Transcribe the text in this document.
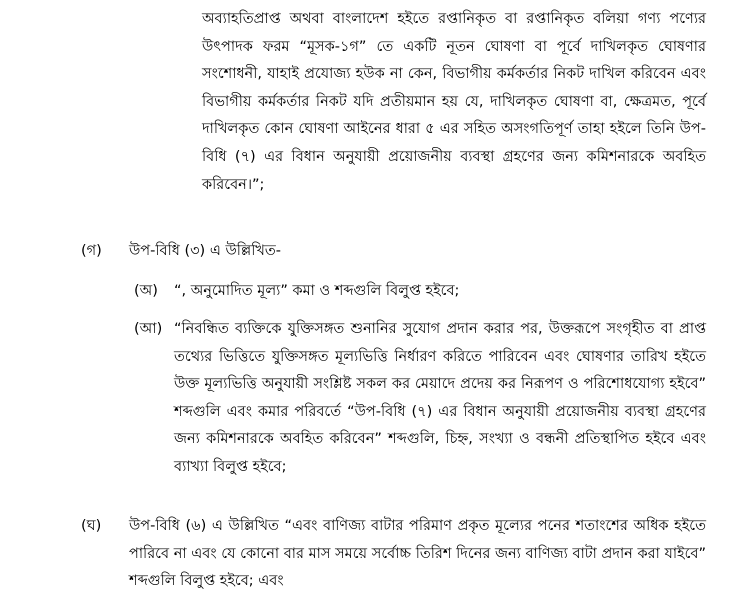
অব্যাহতিপ্রাপ্ত অথবা বাংলাদেশ হইতে রপ্তানিকৃত বা রপ্তানিকৃত বলিয়া গণ্য পণ্যের উৎপাদক ফরম “মূসক-১গ” তে একটি নূতন ঘোষণা বা পূর্বে দাখিলকৃত ঘোষণার সংশোধনী, যাহাই প্রযোজ্য হউক না কেন, বিভাগীয় কর্মকর্তার নিকট দাখিল করিবেন এবং বিভাগীয় কর্মকর্তার নিকট যদি প্রতীয়মান হয় যে, দাখিলকৃত ঘোষণা বা, ক্ষেত্রমত, পূর্বে দাখিলকৃত কোন ঘোষণা আইনের ধারা ৫ এর সহিত অসংগতিপূর্ণ তাহা হইলে তিনি উপ-বিধি (৭) এর বিধান অনুযায়ী প্রয়োজনীয় ব্যবস্থা গ্রহণের জন্য কমিশনারকে অবহিত করিবেন।”;
(গ) উপ-বিধি (৩) এ উল্লিখিত-
(অ) “, অনুমোদিত মূল্য” কমা ও শব্দগুলি বিলুপ্ত হইবে;
(আ) “নিবন্ধিত ব্যক্তিকে যুক্তিসঙ্গত শুনানির সুযোগ প্রদান করার পর, উক্তরূপে সংগৃহীত বা প্রাপ্ত তথ্যের ভিত্তিতে যুক্তিসঙ্গত মূল্যভিত্তি নির্ধারণ করিতে পারিবেন এবং ঘোষণার তারিখ হইতে উক্ত মূল্যভিত্তি অনুযায়ী সংশ্লিষ্ট সকল কর মেয়াদে প্রদেয় কর নিরূপণ ও পরিশোধযোগ্য হইবে” শব্দগুলি এবং কমার পরিবর্তে “উপ-বিধি (৭) এর বিধান অনুযায়ী প্রয়োজনীয় ব্যবস্থা গ্রহণের জন্য কমিশনারকে অবহিত করিবেন” শব্দগুলি, চিহ্ন, সংখ্যা ও বন্ধনী প্রতিস্থাপিত হইবে এবং ব্যাখ্যা বিলুপ্ত হইবে;
(ঘ) উপ-বিধি (৬) এ উল্লিখিত “এবং বাণিজ্য বাটার পরিমাণ প্রকৃত মূল্যের পনের শতাংশের অধিক হইতে পারিবে না এবং যে কোনো বার মাস সময়ে সর্বোচ্চ তিরিশ দিনের জন্য বাণিজ্য বাটা প্রদান করা যাইবে” শব্দগুলি বিলুপ্ত হইবে; এবং
